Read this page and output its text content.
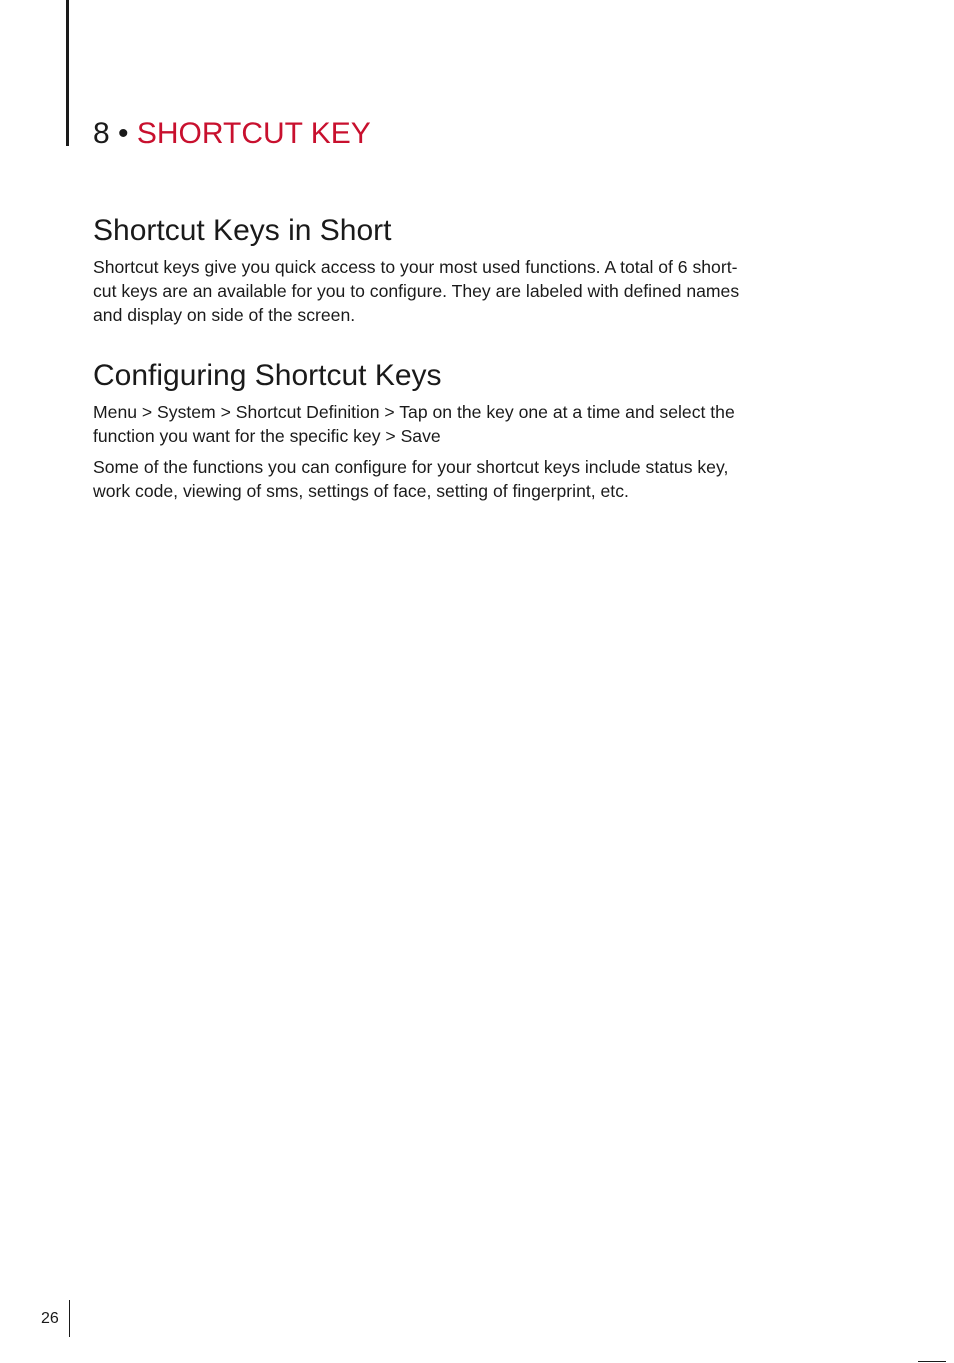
8 • SHORTCUT KEY
Shortcut Keys in Short

Shortcut keys give you quick access to your most used functions. A total of 6 short-
cut keys are an available for you to configure. They are labeled with defined names
and display on side of the screen.

Configuring Shortcut Keys

Menu > System > Shortcut Definition > Tap on the key one at a time and select the
function you want for the specific key > Save

Some of the functions you can configure for your shortcut keys include status key,
work code, viewing of sms, settings of face, setting of fingerprint, etc.

26
